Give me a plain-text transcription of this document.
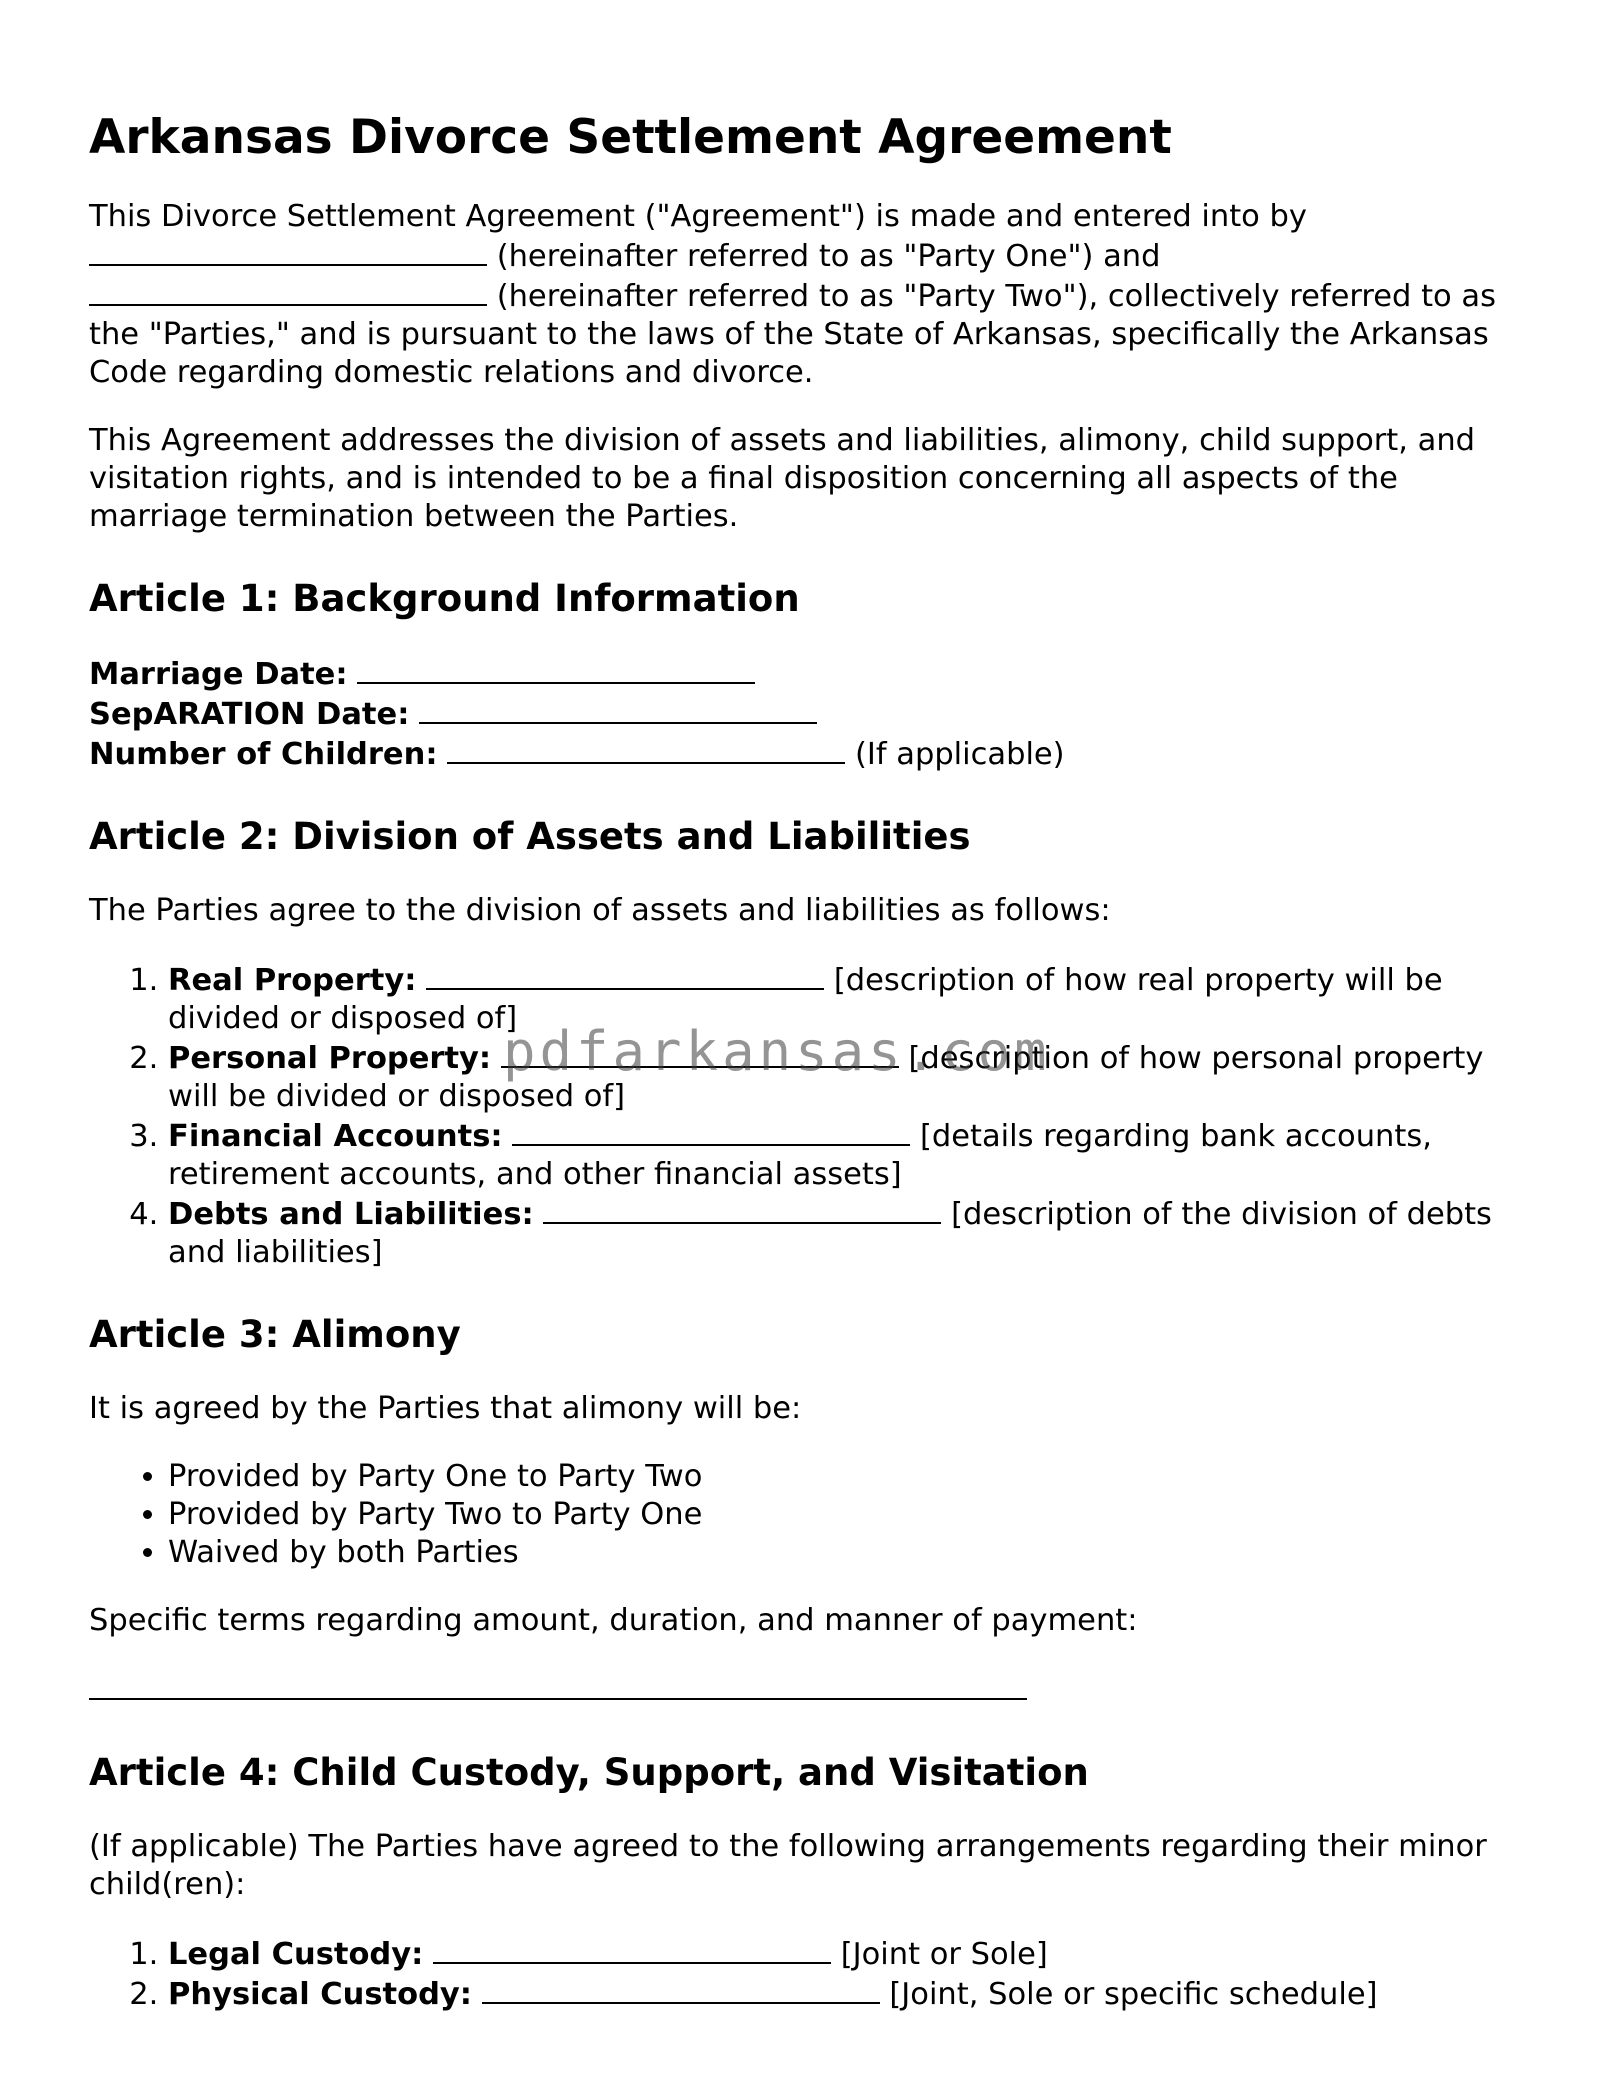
Arkansas Divorce Settlement Agreement

This Divorce Settlement Agreement ("Agreement") is made and entered into by
(hereinafter referred to as "Party One") and
(hereinafter referred to as "Party Two"), collectively referred to as the "Parties," and is pursuant to the laws of the State of Arkansas, specifically the Arkansas Code regarding domestic relations and divorce.

This Agreement addresses the division of assets and liabilities, alimony, child support, and visitation rights, and is intended to be a final disposition concerning all aspects of the marriage termination between the Parties.

Article 1: Background Information
Marriage Date:
SepARATION Date:
Number of Children:	(If applicable)
Article 2: Division of Assets and Liabilities

The Parties agree to the division of assets and liabilities as follows:

1. Real Property:	[description of how real property will be divided or disposed of]
2. Personal Property:	[description of how personal property will be divided or disposed of]
3. Financial Accounts:	[details regarding bank accounts, retirement accounts, and other financial assets]
4. Debts and Liabilities:	[description of the division of debts and liabilities]
Article 3: Alimony

It is agreed by the Parties that alimony will be:

• Provided by Party One to Party Two
• Provided by Party Two to Party One
• Waived by both Parties

Specific terms regarding amount, duration, and manner of payment:

Article 4: Child Custody, Support, and Visitation

(If applicable) The Parties have agreed to the following arrangements regarding their minor child(ren):

1. Legal Custody:	[Joint or Sole]
2. Physical Custody:	[Joint, Sole or specific schedule]
pdfarkansas.com
